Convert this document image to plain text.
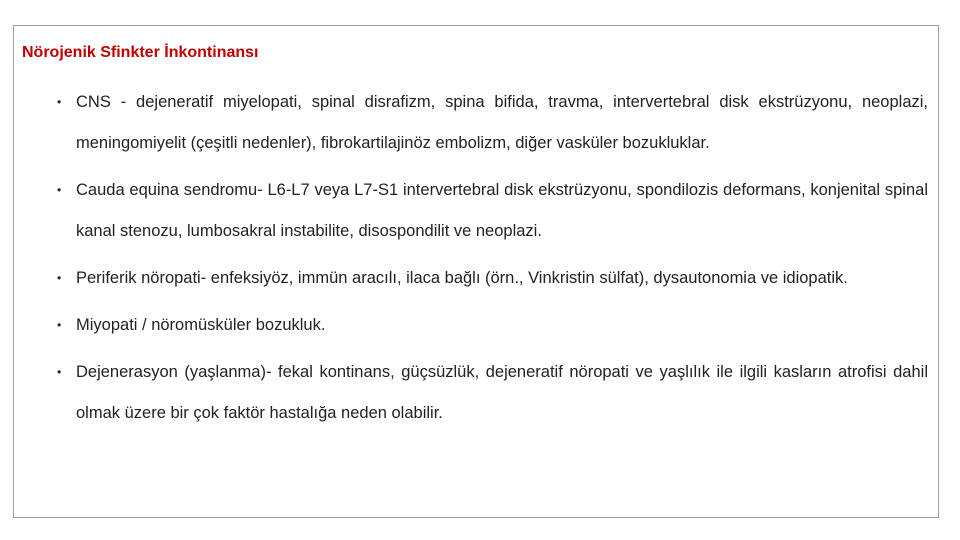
Nörojenik Sfinkter İnkontinansı
• CNS - dejeneratif miyelopati, spinal disrafizm, spina bifida, travma, intervertebral disk ekstrüzyonu, neoplazi, meningomiyelit (çeşitli nedenler), fibrokartilajinöz embolizm, diğer vasküler bozukluklar.
• Cauda equina sendromu- L6-L7 veya L7-S1 intervertebral disk ekstrüzyonu, spondilozis deformans, konjenital spinal kanal stenozu, lumbosakral instabilite, disospondilit ve neoplazi.
• Periferik nöropati- enfeksiyöz, immün aracılı, ilaca bağlı (örn., Vinkristin sülfat), dysautonomia ve idiopatik.
• Miyopati / nöromüsküler bozukluk.
• Dejenerasyon (yaşlanma)- fekal kontinans, güçsüzlük, dejeneratif nöropati ve yaşlılık ile ilgili kasların atrofisi dahil olmak üzere bir çok faktör hastalığa neden olabilir.
